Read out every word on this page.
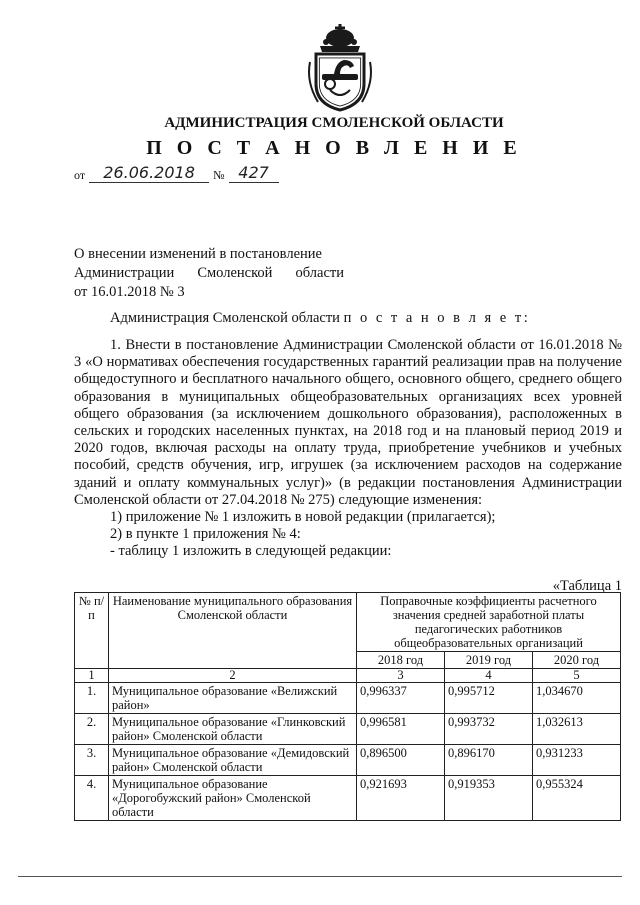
АДМИНИСТРАЦИЯ СМОЛЕНСКОЙ ОБЛАСТИ
П О С Т А Н О В Л Е Н И Е
от	26.06.2018	№ 427
О внесении изменений в постановление
Администрации Смоленской области
от 16.01.2018 № 3
Администрация Смоленской области п о с т а н о в л я е т:

1. Внести в постановление Администрации Смоленской области от 16.01.2018 № 3 «О нормативах обеспечения государственных гарантий реализации прав на получение общедоступного и бесплатного начального общего, основного общего, среднего общего образования в муниципальных общеобразовательных организациях всех уровней общего образования (за исключением дошкольного образования), расположенных в сельских и городских населенных пунктах, на 2018 год и на плановый период 2019 и 2020 годов, включая расходы на оплату труда, приобретение учебников и учебных пособий, средств обучения, игр, игрушек (за исключением расходов на содержание зданий и оплату коммунальных услуг)» (в редакции постановления Администрации Смоленской области от 27.04.2018 № 275) следующие изменения:

1) приложение № 1 изложить в новой редакции (прилагается);

2) в пункте 1 приложения № 4:

- таблицу 1 изложить в следующей редакции:

«Таблица 1
№ п/п	Наименование муниципального образования Смоленской области	Поправочные коэффициенты расчетного значения средней заработной платы педагогических работников общеобразовательных организаций		
		2018 год	2019 год	2020 год
1	2	3	4	5
1.	Муниципальное образование «Велижский район»	0,996337	0,995712	1,034670
2.	Муниципальное образование «Глинковский район» Смоленской области	0,996581	0,993732	1,032613
3.	Муниципальное образование «Демидовский район» Смоленской области	0,896500	0,896170	0,931233
4.	Муниципальное образование «Дорогобужский район» Смоленской области	0,921693	0,919353	0,955324
